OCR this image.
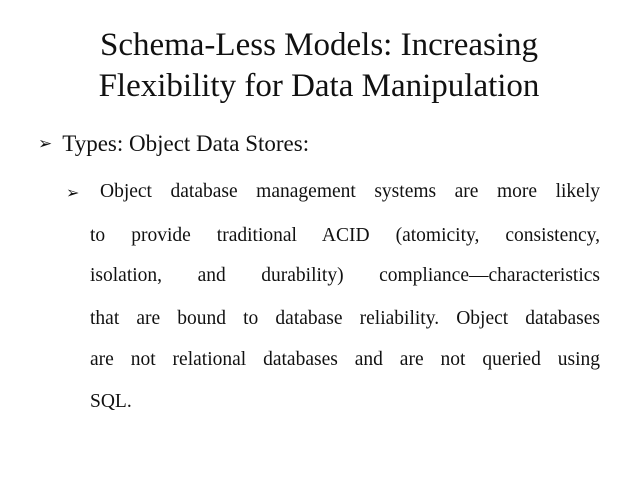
Schema-Less Models: Increasing
Flexibility for Data Manipulation
➢ Types: Object Data Stores:
➢ Object database management systems are more likely
to provide traditional ACID (atomicity, consistency,
isolation, and durability) compliance—characteristics
that are bound to database reliability. Object databases
are not relational databases and are not queried using
SQL.
